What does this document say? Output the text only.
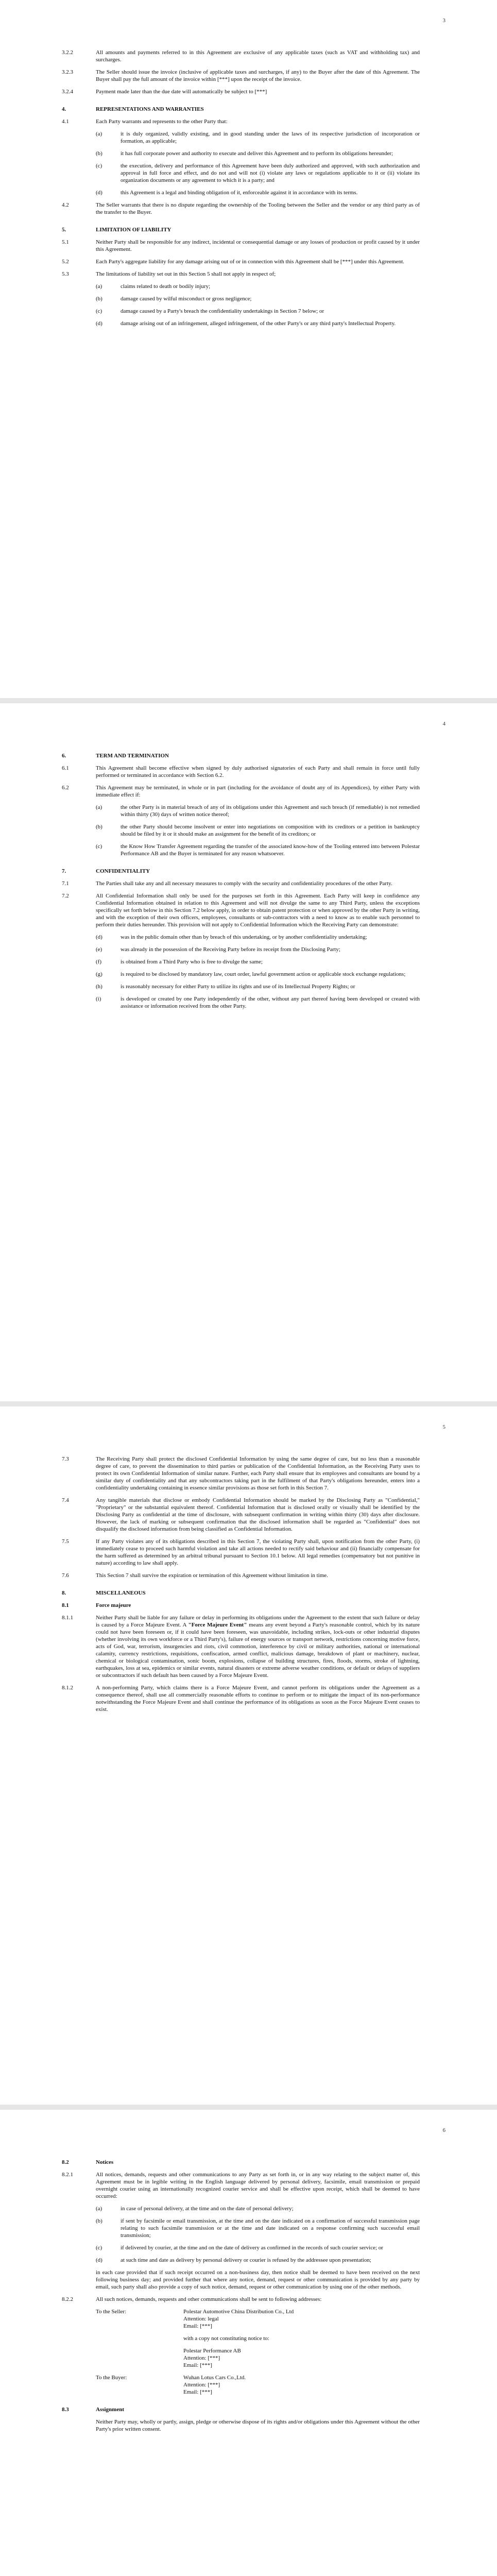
3
3.2.2	All amounts and payments referred to in this Agreement are exclusive of any applicable taxes (such as VAT and withholding tax) and surcharges.
3.2.3	The Seller should issue the invoice (inclusive of applicable taxes and surcharges, if any) to the Buyer after the date of this Agreement. The Buyer shall pay the full amount of the invoice within [***] upon the receipt of the invoice.
3.2.4	Payment made later than the due date will automatically be subject to [***]
4.	REPRESENTATIONS AND WARRANTIES
4.1	Each Party warrants and represents to the other Party that:
(a)	it is duly organized, validly existing, and in good standing under the laws of its respective jurisdiction of incorporation or formation, as applicable;
(b)	it has full corporate power and authority to execute and deliver this Agreement and to perform its obligations hereunder;
(c)	the execution, delivery and performance of this Agreement have been duly authorized and approved, with such authorization and approval in full force and effect, and do not and will not (i) violate any laws or regulations applicable to it or (ii) violate its organization documents or any agreement to which it is a party; and
(d)	this Agreement is a legal and binding obligation of it, enforceable against it in accordance with its terms.
4.2	The Seller warrants that there is no dispute regarding the ownership of the Tooling between the Seller and the vendor or any third party as of the transfer to the Buyer.
5.	LIMITATION OF LIABILITY
5.1	Neither Party shall be responsible for any indirect, incidental or consequential damage or any losses of production or profit caused by it under this Agreement.
5.2	Each Party's aggregate liability for any damage arising out of or in connection with this Agreement shall be [***] under this Agreement.
5.3	The limitations of liability set out in this Section 5 shall not apply in respect of;
(a)	claims related to death or bodily injury;
(b)	damage caused by wilful misconduct or gross negligence;
(c)	damage caused by a Party's breach the confidentiality undertakings in Section 7 below; or
(d)	damage arising out of an infringement, alleged infringement, of the other Party's or any third party's Intellectual Property.
4
6.	TERM AND TERMINATION
6.1	This Agreement shall become effective when signed by duly authorised signatories of each Party and shall remain in force until fully performed or terminated in accordance with Section 6.2.
6.2	This Agreement may be terminated, in whole or in part (including for the avoidance of doubt any of its Appendices), by either Party with immediate effect if:
(a)	the other Party is in material breach of any of its obligations under this Agreement and such breach (if remediable) is not remedied within thirty (30) days of written notice thereof;
(b)	the other Party should become insolvent or enter into negotiations on composition with its creditors or a petition in bankruptcy should be filed by it or it should make an assignment for the benefit of its creditors; or
(c)	the Know How Transfer Agreement regarding the transfer of the associated know-how of the Tooling entered into between Polestar Performance AB and the Buyer is terminated for any reason whatsoever.
7.	CONFIDENTIALITY
7.1	The Parties shall take any and all necessary measures to comply with the security and confidentiality procedures of the other Party.
7.2	All Confidential Information shall only be used for the purposes set forth in this Agreement. Each Party will keep in confidence any Confidential Information obtained in relation to this Agreement and will not divulge the same to any Third Party, unless the exceptions specifically set forth below in this Section 7.2 below apply, in order to obtain patent protection or when approved by the other Party in writing, and with the exception of their own officers, employees, consultants or sub-contractors with a need to know as to enable such personnel to perform their duties hereunder. This provision will not apply to Confidential Information which the Receiving Party can demonstrate:
(d)	was in the public domain other than by breach of this undertaking, or by another confidentiality undertaking;
(e)	was already in the possession of the Receiving Party before its receipt from the Disclosing Party;
(f)	is obtained from a Third Party who is free to divulge the same;
(g)	is required to be disclosed by mandatory law, court order, lawful government action or applicable stock exchange regulations;
(h)	is reasonably necessary for either Party to utilize its rights and use of its Intellectual Property Rights; or
(i)	is developed or created by one Party independently of the other, without any part thereof having been developed or created with assistance or information received from the other Party.
5
7.3	The Receiving Party shall protect the disclosed Confidential Information by using the same degree of care, but no less than a reasonable degree of care, to prevent the dissemination to third parties or publication of the Confidential Information, as the Receiving Party uses to protect its own Confidential Information of similar nature. Further, each Party shall ensure that its employees and consultants are bound by a similar duty of confidentiality and that any subcontractors taking part in the fulfilment of that Party's obligations hereunder, enters into a confidentiality undertaking containing in essence similar provisions as those set forth in this Section 7.
7.4	Any tangible materials that disclose or embody Confidential Information should be marked by the Disclosing Party as "Confidential," "Proprietary" or the substantial equivalent thereof. Confidential Information that is disclosed orally or visually shall be identified by the Disclosing Party as confidential at the time of disclosure, with subsequent confirmation in writing within thirty (30) days after disclosure. However, the lack of marking or subsequent confirmation that the disclosed information shall be regarded as "Confidential" does not disqualify the disclosed information from being classified as Confidential Information.
7.5	If any Party violates any of its obligations described in this Section 7, the violating Party shall, upon notification from the other Party, (i) immediately cease to proceed such harmful violation and take all actions needed to rectify said behaviour and (ii) financially compensate for the harm suffered as determined by an arbitral tribunal pursuant to Section 10.1 below. All legal remedies (compensatory but not punitive in nature) according to law shall apply.
7.6	This Section 7 shall survive the expiration or termination of this Agreement without limitation in time.
8.	MISCELLANEOUS
8.1	Force majeure
8.1.1	Neither Party shall be liable for any failure or delay in performing its obligations under the Agreement to the extent that such failure or delay is caused by a Force Majeure Event. A "Force Majeure Event" means any event beyond a Party's reasonable control, which by its nature could not have been foreseen or, if it could have been foreseen, was unavoidable, including strikes, lock-outs or other industrial disputes (whether involving its own workforce or a Third Party's), failure of energy sources or transport network, restrictions concerning motive force, acts of God, war, terrorism, insurgencies and riots, civil commotion, interference by civil or military authorities, national or international calamity, currency restrictions, requisitions, confiscation, armed conflict, malicious damage, breakdown of plant or machinery, nuclear, chemical or biological contamination, sonic boom, explosions, collapse of building structures, fires, floods, storms, stroke of lightning, earthquakes, loss at sea, epidemics or similar events, natural disasters or extreme adverse weather conditions, or default or delays of suppliers or subcontractors if such default has been caused by a Force Majeure Event.
8.1.2	A non-performing Party, which claims there is a Force Majeure Event, and cannot perform its obligations under the Agreement as a consequence thereof, shall use all commercially reasonable efforts to continue to perform or to mitigate the impact of its non-performance notwithstanding the Force Majeure Event and shall continue the performance of its obligations as soon as the Force Majeure Event ceases to exist.
6
8.2	Notices
8.2.1	All notices, demands, requests and other communications to any Party as set forth in, or in any way relating to the subject matter of, this Agreement must be in legible writing in the English language delivered by personal delivery, facsimile, email transmission or prepaid overnight courier using an internationally recognized courier service and shall be effective upon receipt, which shall be deemed to have occurred:
(a)	in case of personal delivery, at the time and on the date of personal delivery;
(b)	if sent by facsimile or email transmission, at the time and on the date indicated on a confirmation of successful transmission page relating to such facsimile transmission or at the time and date indicated on a response confirming such successful email transmission;
(c)	if delivered by courier, at the time and on the date of delivery as confirmed in the records of such courier service; or
(d)	at such time and date as delivery by personal delivery or courier is refused by the addressee upon presentation;
in each case provided that if such receipt occurred on a non-business day, then notice shall be deemed to have been received on the next following business day; and provided further that where any notice, demand, request or other communication is provided by any party by email, such party shall also provide a copy of such notice, demand, request or other communication by using one of the other methods.
8.2.2	All such notices, demands, requests and other communications shall be sent to following addresses:
To the Seller:	Polestar Automotive China Distribution Co., Ltd
Attention: legal
Email: [***]
with a copy not constituting notice to:
Polestar Performance AB
Attention: [***]
Email: [***]
To the Buyer:	Wuhan Lotus Cars Co.,Ltd.
Attention: [***]
Email: [***]
8.3	Assignment
Neither Party may, wholly or partly, assign, pledge or otherwise dispose of its rights and/or obligations under this Agreement without the other Party's prior written consent.
